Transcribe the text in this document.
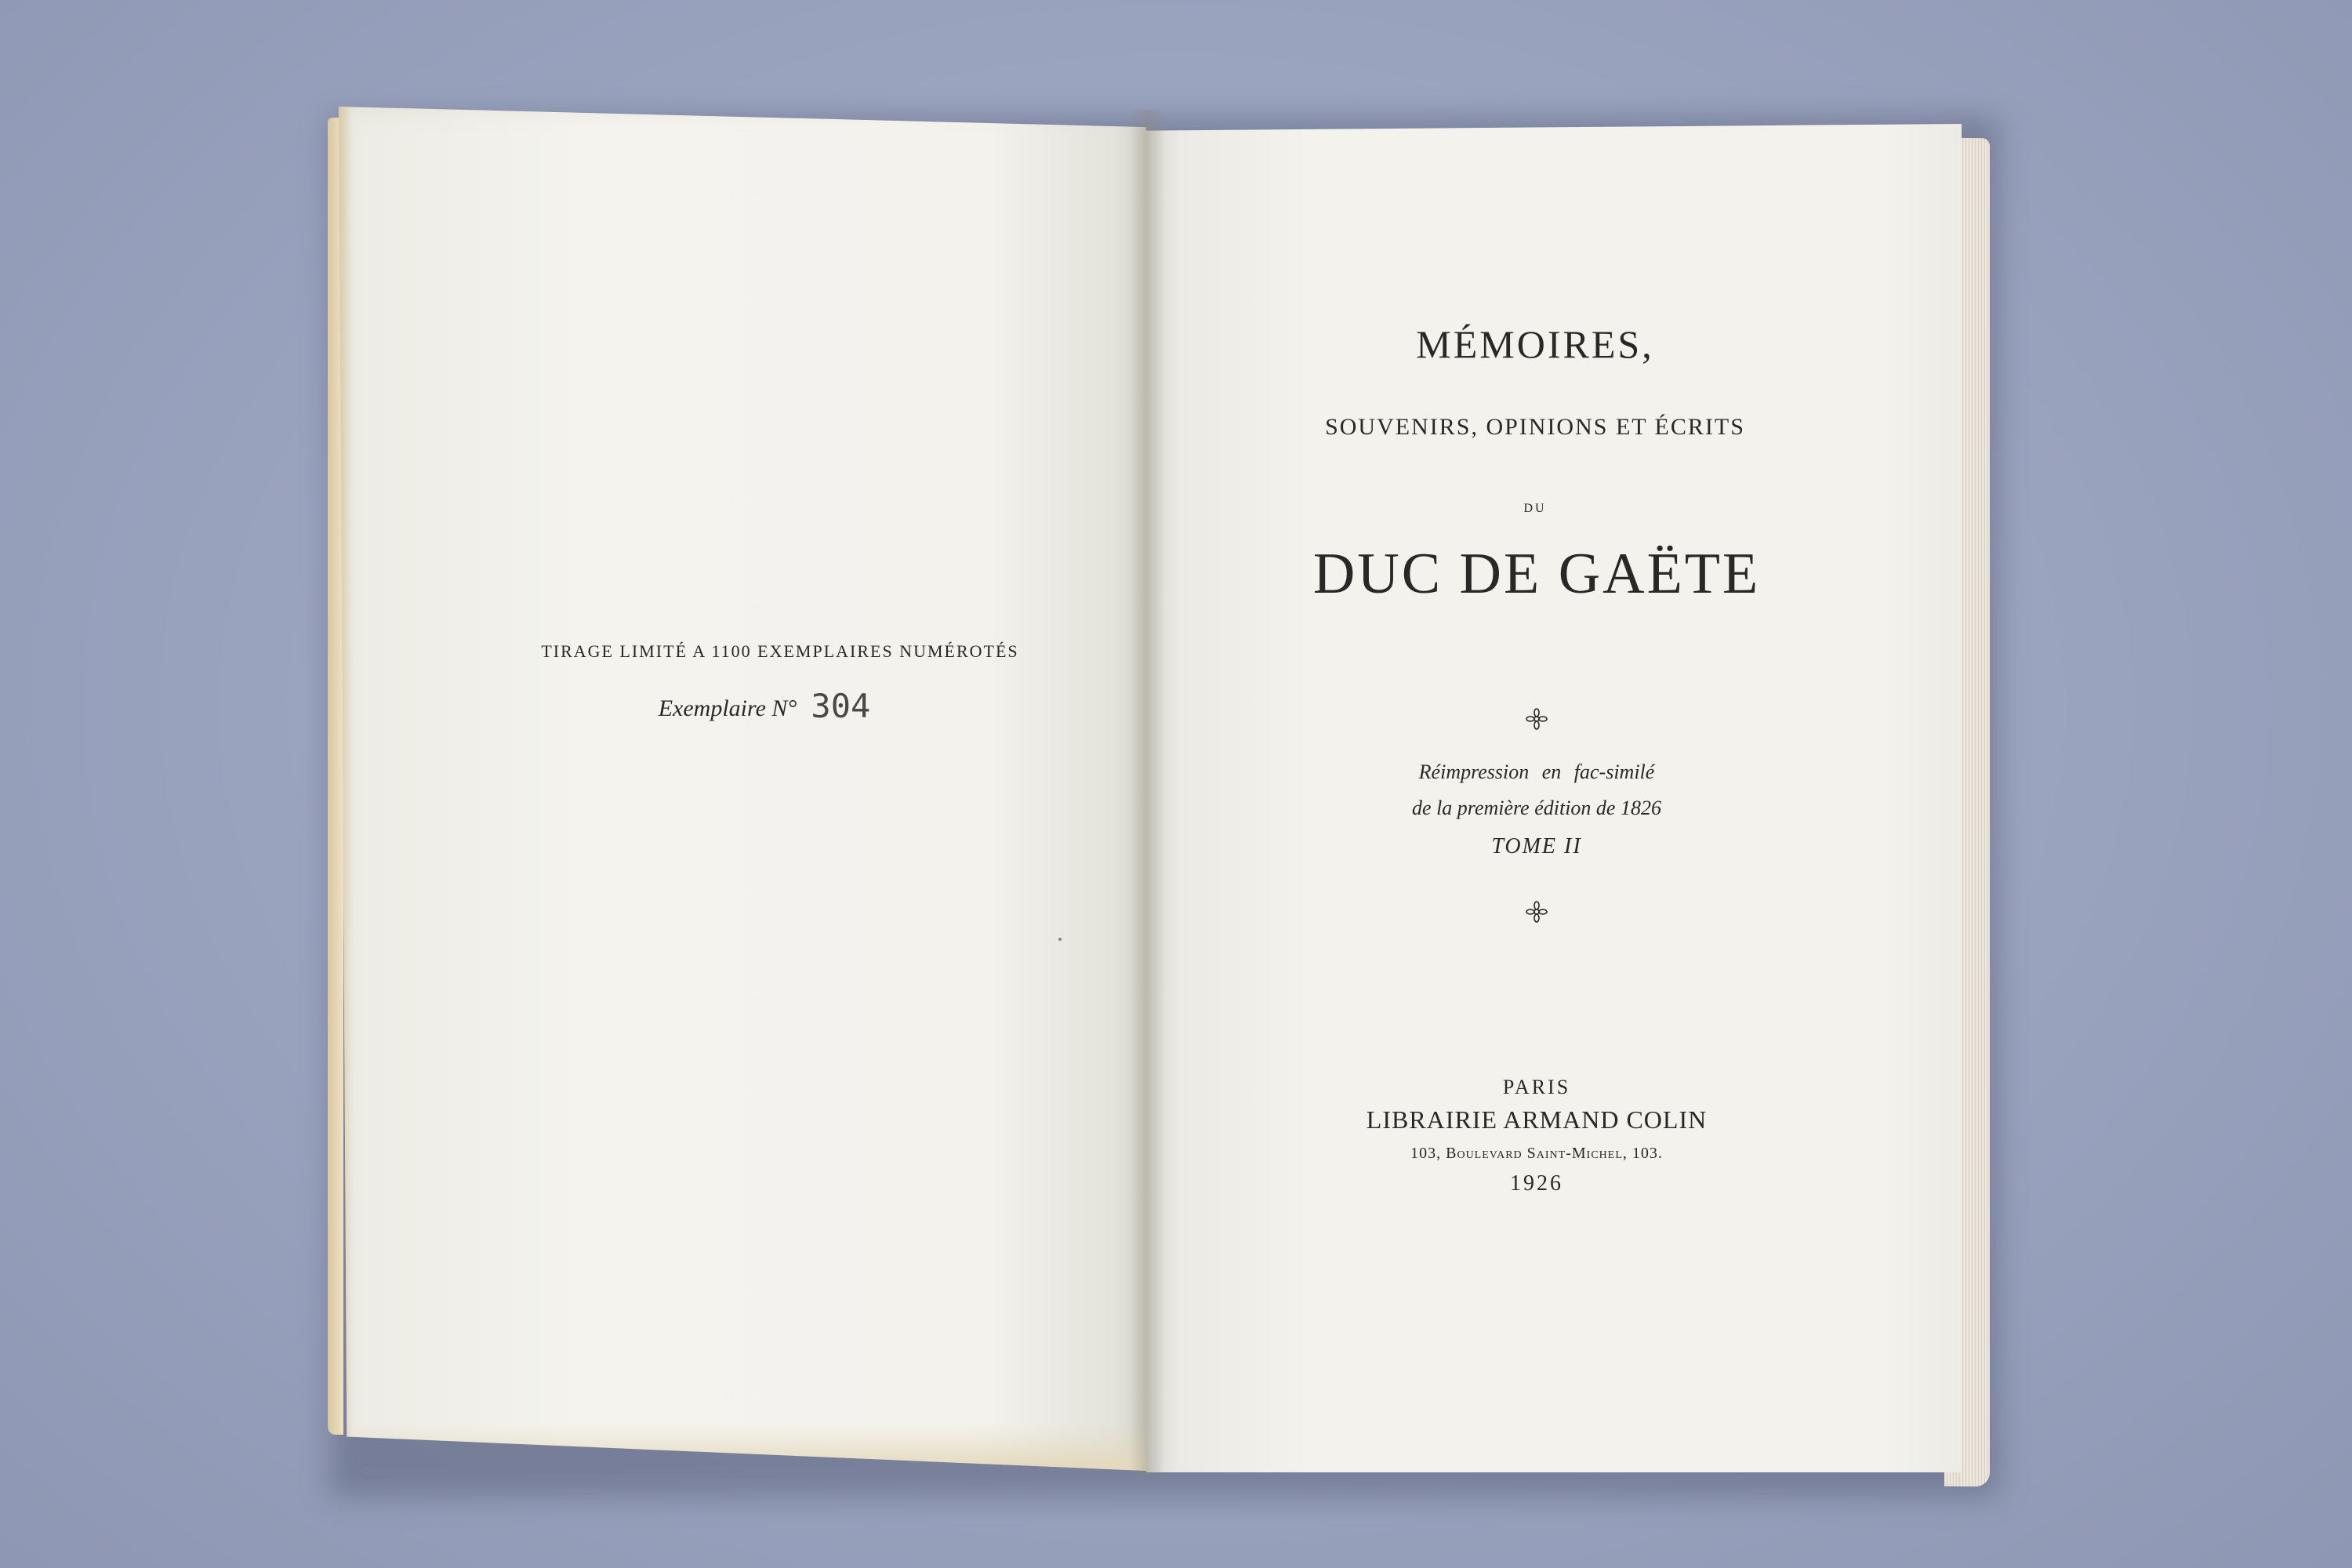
TIRAGE LIMITÉ A 1100 EXEMPLAIRES NUMÉROTÉS
Exemplaire N° 304
MÉMOIRES,
SOUVENIRS, OPINIONS ET ÉCRITS
DU
DUC DE GAËTE
Réimpression en fac-similé
de la première édition de 1826
TOME II
PARIS
LIBRAIRIE ARMAND COLIN
103, Boulevard Saint-Michel, 103.
1926
